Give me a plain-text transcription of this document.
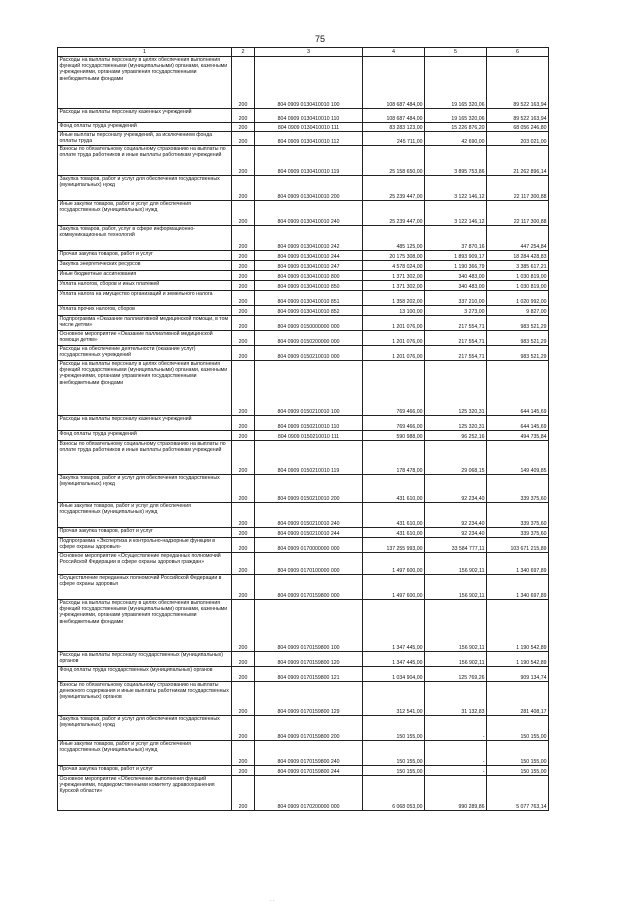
75
1	2	3	4	5	6
Расходы на выплаты персоналу в целях обеспечения выполнения функций государственными (муниципальными) органами, казенными учреждениями, органами управления государственными внебюджетными фондами	200	804 0909 0130410010 100	108 687 484,00	19 165 320,06	89 522 163,94
Расходы на выплаты персоналу казенных учреждений	200	804 0909 0130410010 110	108 687 484,00	19 165 320,06	89 522 163,94
Фонд оплаты труда учреждений	200	804 0909 0130410010 111	83 283 123,00	15 226 876,20	68 056 246,80
Иные выплаты персоналу учреждений, за исключением фонда оплаты труда	200	804 0909 0130410010 112	245 711,00	42 690,00	203 021,00
Взносы по обязательному социальному страхованию на выплаты по оплате труда работников и иные выплаты работникам учреждений	200	804 0909 0130410010 119	25 158 650,00	3 895 753,86	21 262 896,14
Закупка товаров, работ и услуг для обеспечения государственных (муниципальных) нужд	200	804 0909 0130410010 200	25 239 447,00	3 122 146,12	22 117 300,88
Иные закупки товаров, работ и услуг для обеспечения государственных (муниципальных) нужд	200	804 0909 0130410010 240	25 239 447,00	3 122 146,12	22 117 300,88
Закупка товаров, работ, услуг в сфере информационно-коммуникационных технологий	200	804 0909 0130410010 242	485 125,00	37 870,16	447 254,84
Прочая закупка товаров, работ и услуг	200	804 0909 0130410010 244	20 175 308,00	1 893 909,17	18 284 428,83
Закупка энергетических ресурсов	200	804 0909 0130410010 247	4 578 024,00	1 190 366,79	3 385 617,21
Иные бюджетные ассигнования	200	804 0909 0130410010 800	1 371 302,00	340 483,00	1 030 819,00
Уплата налогов, сборов и иных платежей	200	804 0909 0130410010 850	1 371 302,00	340 483,00	1 030 819,00
Уплата налога на имущество организаций и земельного налога	200	804 0909 0130410010 851	1 358 202,00	337 210,00	1 020 992,00
Уплата прочих налогов, сборов	200	804 0909 0130410010 852	13 100,00	3 273,00	9 827,00
Подпрограмма «Оказание паллиативной медицинской помощи, в том числе детям»	200	804 0909 0150000000 000	1 201 076,00	217 554,71	983 521,29
Основное мероприятие «Оказание паллиативной медицинской помощи детям»	200	804 0909 0150200000 000	1 201 076,00	217 554,71	983 521,29
Расходы на обеспечение деятельности (оказание услуг) государственных учреждений	200	804 0909 0150210010 000	1 201 076,00	217 554,71	983 521,29
Расходы на выплаты персоналу в целях обеспечения выполнения функций государственными (муниципальными) органами, казенными учреждениями, органами управления государственными внебюджетными фондами	200	804 0909 0150210010 100	769 466,00	125 320,31	644 145,69
Расходы на выплаты персоналу казенных учреждений	200	804 0909 0150210010 110	769 466,00	125 320,31	644 145,69
Фонд оплаты труда учреждений	200	804 0909 0150210010 111	590 988,00	96 252,16	494 735,84
Взносы по обязательному социальному страхованию на выплаты по оплате труда работников и иные выплаты работникам учреждений	200	804 0909 0150210010 119	178 478,00	29 068,15	149 409,85
Закупка товаров, работ и услуг для обеспечения государственных (муниципальных) нужд	200	804 0909 0150210010 200	431 610,00	92 234,40	339 375,60
Иные закупки товаров, работ и услуг для обеспечения государственных (муниципальных) нужд	200	804 0909 0150210010 240	431 610,00	92 234,40	339 375,60
Прочая закупка товаров, работ и услуг	200	804 0909 0150210010 244	431 610,00	92 234,40	339 375,60
Подпрограмма «Экспертиза и контрольно-надзорные функции в сфере охраны здоровья»	200	804 0909 0170000000 000	137 255 993,00	33 584 777,11	103 671 215,89
Основное мероприятие «Осуществление переданных полномочий Российской Федерации в сфере охраны здоровья граждан»	200	804 0909 0170100000 000	1 497 600,00	156 902,11	1 340 697,89
Осуществление переданных полномочий Российской Федерации в сфере охраны здоровья	200	804 0909 0170159800 000	1 497 600,00	156 902,11	1 340 697,89
Расходы на выплаты персоналу в целях обеспечения выполнения функций государственными (муниципальными) органами, казенными учреждениями, органами управления государственными внебюджетными фондами	200	804 0909 0170159800 100	1 347 445,00	156 902,11	1 190 542,89
Расходы на выплаты персоналу государственных (муниципальных) органов	200	804 0909 0170159800 120	1 347 445,00	156 902,11	1 190 542,89
Фонд оплаты труда государственных (муниципальных) органов	200	804 0909 0170159800 121	1 034 904,00	125 769,26	909 134,74
Взносы по обязательному социальному страхованию на выплаты денежного содержания и иные выплаты работникам государственных (муниципальных) органов	200	804 0909 0170159800 129	312 541,00	31 132,83	281 408,17
Закупка товаров, работ и услуг для обеспечения государственных (муниципальных) нужд	200	804 0909 0170159800 200	150 155,00	-	150 155,00
Иные закупки товаров, работ и услуг для обеспечения государственных (муниципальных) нужд	200	804 0909 0170159800 240	150 155,00	-	150 155,00
Прочая закупка товаров, работ и услуг	200	804 0909 0170159800 244	150 155,00	-	150 155,00
Основное мероприятие «Обеспечение выполнения функций учреждениями, подведомственными комитету здравоохранения Курской области»	200	804 0909 0170200000 000	6 068 053,00	990 289,86	5 077 763,14
· ·
